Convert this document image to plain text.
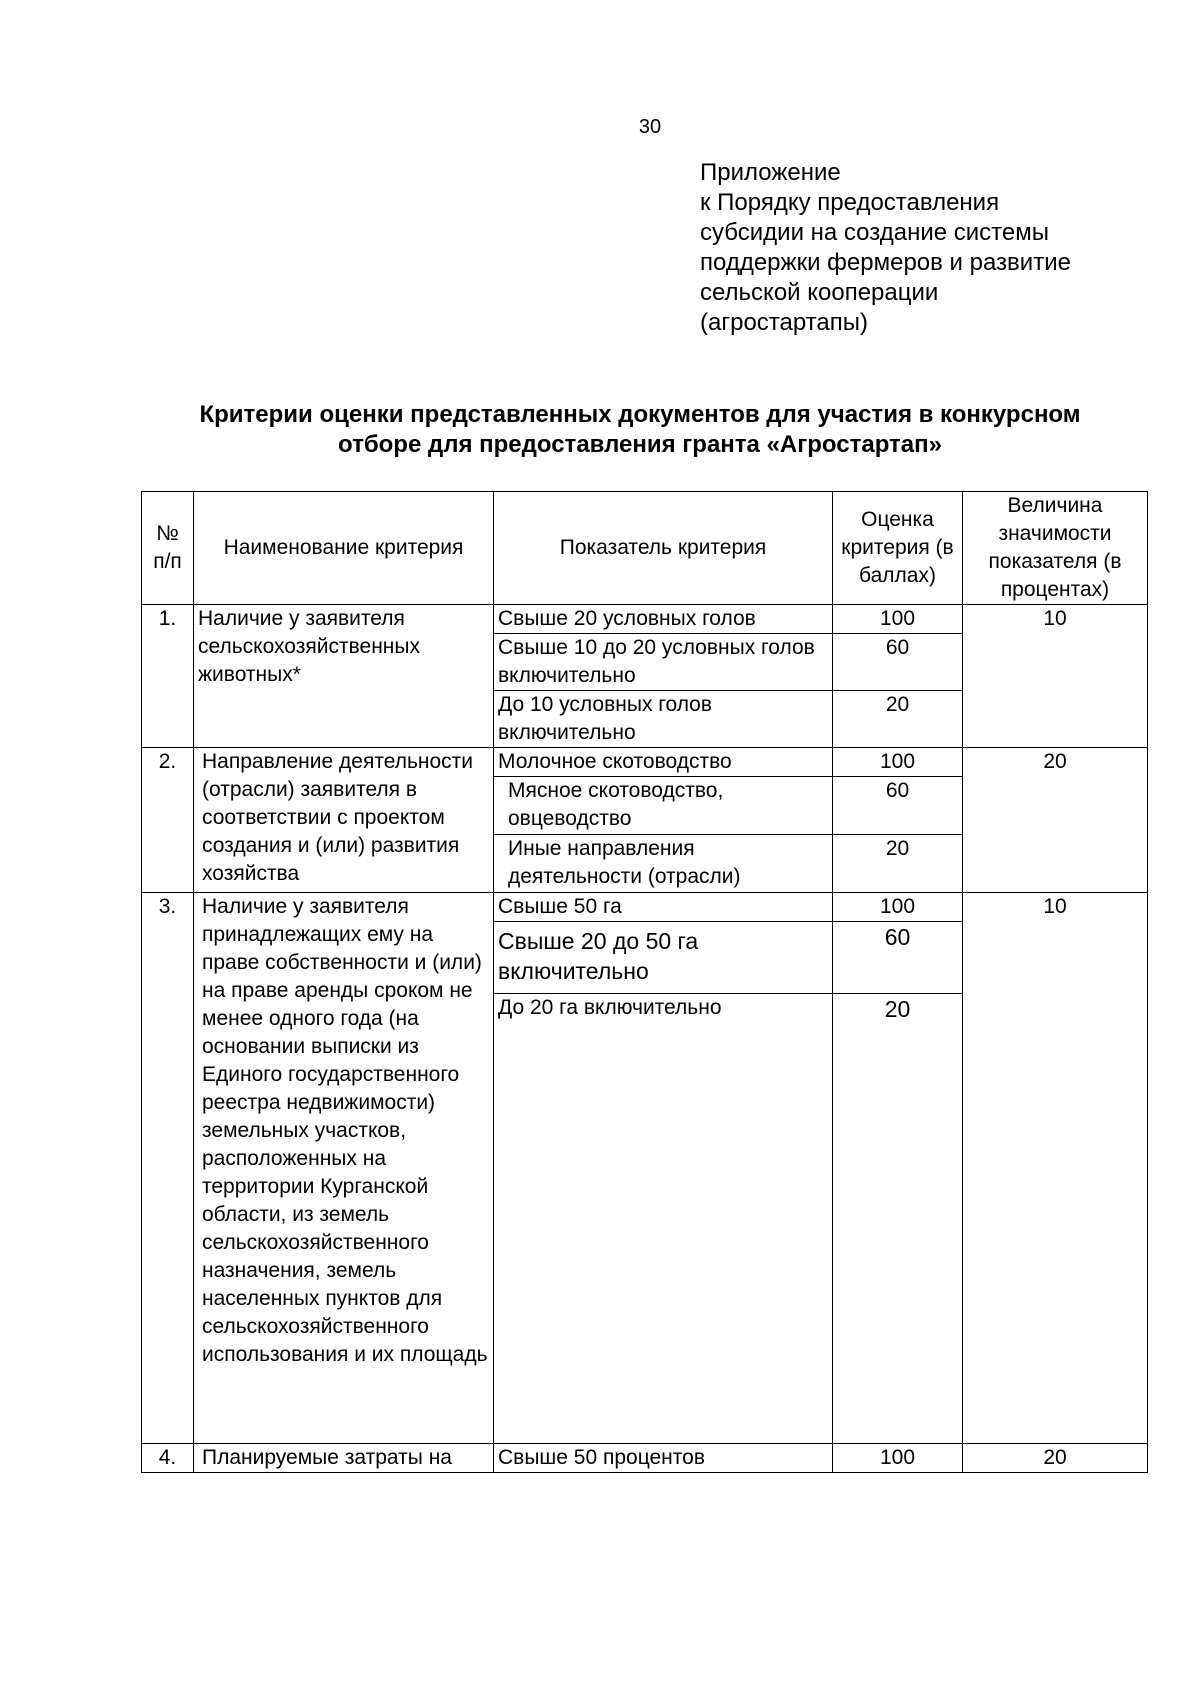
30
Приложение
к Порядку предоставления
субсидии на создание системы
поддержки фермеров и развитие
сельской кооперации
(агростартапы)
Критерии оценки представленных документов для участия в конкурсном
отборе для предоставления гранта «Агростартап»
№ п/п	Наименование критерия	Показатель критерия	Оценка критерия (в баллах)	Величина значимости показателя (в процентах)
1.	Наличие у заявителя сельскохозяйственных животных*	Свыше 20 условных голов	100	10
		Свыше 10 до 20 условных голов включительно	60	
		До 10 условных голов включительно	20	
2.	Направление деятельности (отрасли) заявителя в соответствии с проектом создания и (или) развития хозяйства	Молочное скотоводство	100	20
		Мясное скотоводство, овцеводство	60	
		Иные направления деятельности (отрасли)	20	
3.	Наличие у заявителя принадлежащих ему на праве собственности и (или) на праве аренды сроком не менее одного года (на основании выписки из Единого государственного реестра недвижимости) земельных участков, расположенных на территории Курганской области, из земель сельскохозяйственного назначения, земель населенных пунктов для сельскохозяйственного использования и их площадь	Свыше 50 га	100	10
		Свыше 20 до 50 га включительно	60	
		До 20 га включительно	20	
4.	Планируемые затраты на	Свыше 50 процентов	100	20
